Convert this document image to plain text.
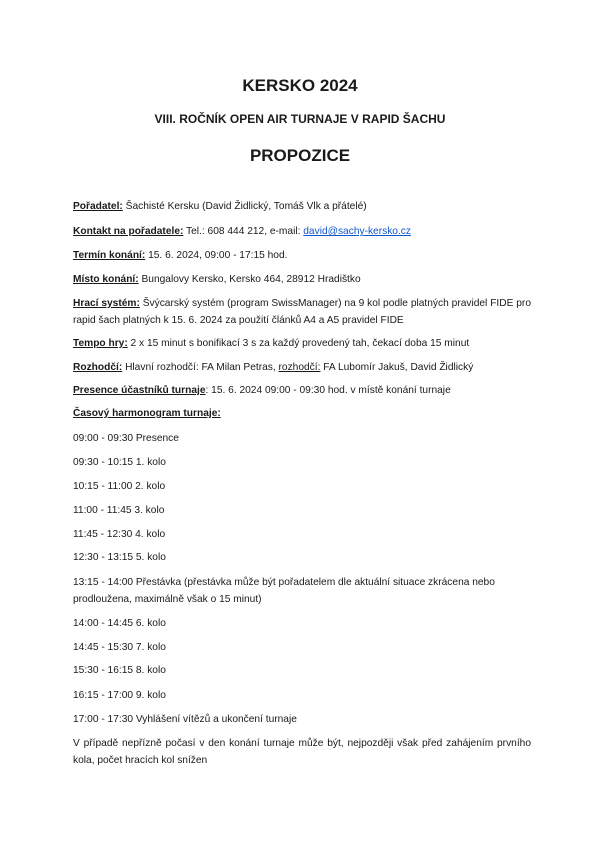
KERSKO 2024
VIII. ROČNÍK OPEN AIR TURNAJE V RAPID ŠACHU
PROPOZICE
Pořadatel: Šachisté Kersku (David Židlický, Tomáš Vlk a přátelé)
Kontakt na pořadatele: Tel.: 608 444 212, e-mail: david@sachy-kersko.cz
Termín konání: 15. 6. 2024, 09:00 - 17:15 hod.
Místo konání: Bungalovy Kersko, Kersko 464, 28912 Hradištko
Hrací systém: Švýcarský systém (program SwissManager) na 9 kol podle platných pravidel FIDE pro rapid šach platných k 15. 6. 2024 za použití článků A4 a A5 pravidel FIDE
Tempo hry: 2 x 15 minut s bonifikací 3 s za každý provedený tah, čekací doba 15 minut
Rozhodčí: Hlavní rozhodčí: FA Milan Petras, rozhodčí: FA Lubomír Jakuš, David Židlický
Presence účastníků turnaje: 15. 6. 2024 09:00 - 09:30 hod. v místě konání turnaje
Časový harmonogram turnaje:
09:00 - 09:30 Presence
09:30 - 10:15 1. kolo
10:15 - 11:00 2. kolo
11:00 - 11:45 3. kolo
11:45 - 12:30 4. kolo
12:30 - 13:15 5. kolo
13:15 - 14:00 Přestávka (přestávka může být pořadatelem dle aktuální situace zkrácena nebo prodloužena, maximálně však o 15 minut)
14:00 - 14:45 6. kolo
14:45 - 15:30 7. kolo
15:30 - 16:15 8. kolo
16:15 - 17:00 9. kolo
17:00 - 17:30 Vyhlášení vítězů a ukončení turnaje
V případě nepřízně počasí v den konání turnaje může být, nejpozději však před zahájením prvního kola, počet hracích kol snížen
